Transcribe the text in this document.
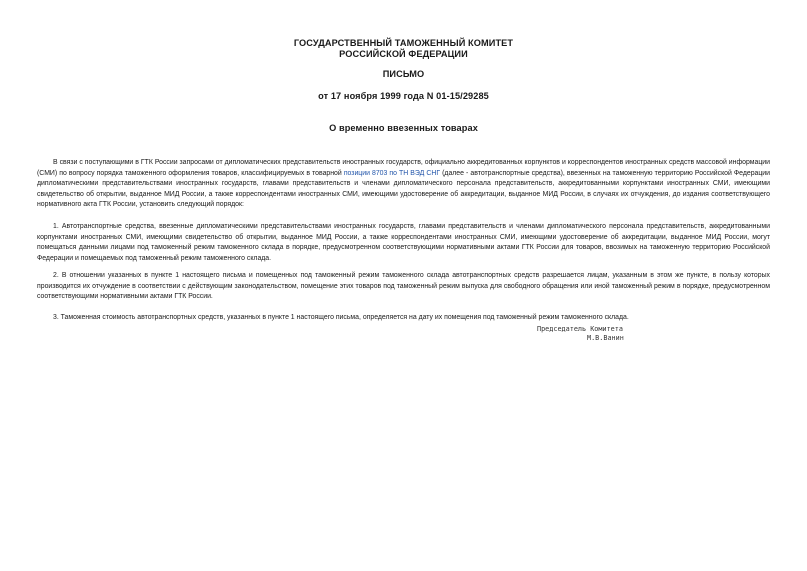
ГОСУДАРСТВЕННЫЙ ТАМОЖЕННЫЙ КОМИТЕТ
РОССИЙСКОЙ ФЕДЕРАЦИИ
ПИСЬМО
от 17 ноября 1999 года N 01-15/29285
О временно ввезенных товарах

В связи с поступающими в ГТК России запросами от дипломатических представительств иностранных государств, официально аккредитованных корпунктов и корреспондентов иностранных средств массовой информации (СМИ) по вопросу порядка таможенного оформления товаров, классифицируемых в товарной позиции 8703 по ТН ВЭД СНГ (далее - автотранспортные средства), ввезенных на таможенную территорию Российской Федерации дипломатическими представительствами иностранных государств, главами представительств и членами дипломатического персонала представительств, аккредитованными корпунктами иностранных СМИ, имеющими свидетельство об открытии, выданное МИД России, а также корреспондентами иностранных СМИ, имеющими удостоверение об аккредитации, выданное МИД России, в случаях их отчуждения, до издания соответствующего нормативного акта ГТК России, установить следующий порядок:

1. Автотранспортные средства, ввезенные дипломатическими представительствами иностранных государств, главами представительств и членами дипломатического персонала представительств, аккредитованными корпунктами иностранных СМИ, имеющими свидетельство об открытии, выданное МИД России, а также корреспондентами иностранных СМИ, имеющими удостоверение об аккредитации, выданное МИД России, могут помещаться данными лицами под таможенный режим таможенного склада в порядке, предусмотренном соответствующими нормативными актами ГТК России для товаров, ввозимых на таможенную территорию Российской Федерации и помещаемых под таможенный режим таможенного склада.

2. В отношении указанных в пункте 1 настоящего письма и помещенных под таможенный режим таможенного склада автотранспортных средств разрешается лицам, указанным в этом же пункте, в пользу которых производится их отчуждение в соответствии с действующим законодательством, помещение этих товаров под таможенный режим выпуска для свободного обращения или иной таможенный режим в порядке, предусмотренном соответствующими нормативными актами ГТК России.

3. Таможенная стоимость автотранспортных средств, указанных в пункте 1 настоящего письма, определяется на дату их помещения под таможенный режим таможенного склада.

Председатель Комитета
М.В.Ванин
